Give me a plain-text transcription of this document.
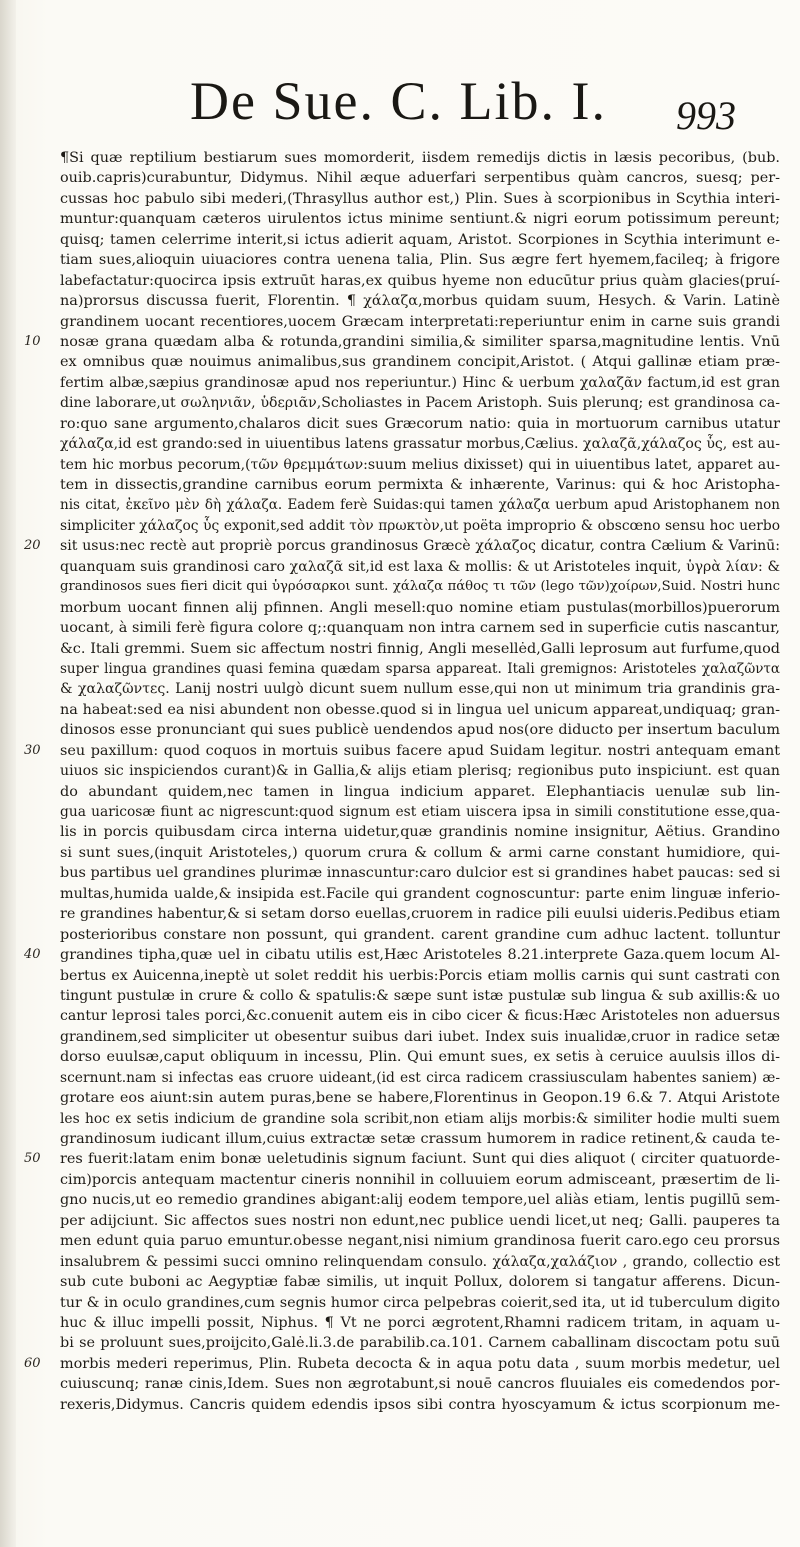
De Sue. C. Lib. I. 993
¶Si quæ reptilium bestiarum sues momorderit, iisdem remedijs dictis in læsis pecoribus, (bub.
ouib.capris)curabuntur, Didymus. Nihil æque aduerfari serpentibus quàm cancros, suesq; per-
cussas hoc pabulo sibi mederi,(Thrasyllus author est,) Plin. Sues à scorpionibus in Scythia interi-
muntur:quanquam cæteros uirulentos ictus minime sentiunt.& nigri eorum potissimum pereunt;
quisq; tamen celerrime interit,si ictus adierit aquam, Aristot. Scorpiones in Scythia interimunt e-
tiam sues,alioquin uiuaciores contra uenena talia, Plin. Sus ægre fert hyemem,facileq; à frigore
labefactatur:quocirca ipsis extruūt haras,ex quibus hyeme non educūtur prius quàm glacies(pruí-
na)prorsus discussa fuerit, Florentin. ¶ χάλαζα,morbus quidam suum, Hesych. & Varin. Latinè
grandinem uocant recentiores,uocem Græcam interpretati:reperiuntur enim in carne suis grandi
10 nosæ grana quædam alba & rotunda,grandini similia,& similiter sparsa,magnitudine lentis. Vnū
ex omnibus quæ nouimus animalibus,sus grandinem concipit,Aristot. ( Atqui gallinæ etiam præ-
fertim albæ,sæpius grandinosæ apud nos reperiuntur.) Hinc & uerbum χαλαζᾶν factum,id est gran
dine laborare,ut σωληνιᾶν, ὑδεριᾶν,Scholiastes in Pacem Aristoph. Suis plerunq; est grandinosa ca-
ro:quo sane argumento,chalaros dicit sues Græcorum natio: quia in mortuorum carnibus utatur
χάλαζα,id est grando:sed in uiuentibus latens grassatur morbus,Cælius. χαλαζᾶ,χάλαζος ὗς, est au-
tem hic morbus pecorum,(τῶν θρεμμάτων:suum melius dixisset) qui in uiuentibus latet, apparet au-
tem in dissectis,grandine carnibus eorum permixta & inhærente, Varinus: qui & hoc Aristopha-
nis citat, ἐκεῖνο μὲν δὴ χάλαζα. Eadem ferè Suidas:qui tamen χάλαζα uerbum apud Aristophanem non
simpliciter χάλαζος ὗς exponit,sed addit τὸν πρωκτὸν,ut poëta improprio & obscœno sensu hoc uerbo
20 sit usus:nec rectè aut propriè porcus grandinosus Græcè χάλαζος dicatur, contra Cælium & Varinū:
quanquam suis grandinosi caro χαλαζᾶ sit,id est laxa & mollis: & ut Aristoteles inquit, ὑγρὰ λίαν: &
grandinosos sues fieri dicit qui ὑγρόσαρκοι sunt. χάλαζα πάθος τι τῶν (lego τῶν)χοίρων,Suid. Nostri hunc
morbum uocant finnen alij pfinnen. Angli mesell:quo nomine etiam pustulas(morbillos)puerorum
uocant, à simili ferè figura colore q;:quanquam non intra carnem sed in superficie cutis nascantur,
&c. Itali gremmi. Suem sic affectum nostri finnig, Angli mesellėd,Galli leprosum aut furfume,quod
super lingua grandines quasi femina quædam sparsa appareat. Itali gremignos: Aristoteles χαλαζῶντα
& χαλαζῶντες. Lanij nostri uulgò dicunt suem nullum esse,qui non ut minimum tria grandinis gra-
na habeat:sed ea nisi abundent non obesse.quod si in lingua uel unicum appareat,undiquaq; gran-
dinosos esse pronunciant qui sues publicè uendendos apud nos(ore diducto per insertum baculum
30 seu paxillum: quod coquos in mortuis suibus facere apud Suidam legitur. nostri antequam emant
uiuos sic inspiciendos curant)& in Gallia,& alijs etiam plerisq; regionibus puto inspiciunt. est quan
do abundant quidem,nec tamen in lingua indicium apparet. Elephantiacis uenulæ sub lin-
gua uaricosæ fiunt ac nigrescunt:quod signum est etiam uiscera ipsa in simili constitutione esse,qua-
lis in porcis quibusdam circa interna uidetur,quæ grandinis nomine insignitur, Aëtius. Grandino
si sunt sues,(inquit Aristoteles,) quorum crura & collum & armi carne constant humidiore, qui-
bus partibus uel grandines plurimæ innascuntur:caro dulcior est si grandines habet paucas: sed si
multas,humida ualde,& insipida est.Facile qui grandent cognoscuntur: parte enim linguæ inferio-
re grandines habentur,& si setam dorso euellas,cruorem in radice pili euulsi uideris.Pedibus etiam
posterioribus constare non possunt, qui grandent. carent grandine cum adhuc lactent. tolluntur
40 grandines tipha,quæ uel in cibatu utilis est,Hæc Aristoteles 8.21.interprete Gaza.quem locum Al-
bertus ex Auicenna,ineptè ut solet reddit his uerbis:Porcis etiam mollis carnis qui sunt castrati con
tingunt pustulæ in crure & collo & spatulis:& sæpe sunt istæ pustulæ sub lingua & sub axillis:& uo
cantur leprosi tales porci,&c.conuenit autem eis in cibo cicer & ficus:Hæc Aristoteles non aduersus
grandinem,sed simpliciter ut obesentur suibus dari iubet. Index suis inualidæ,cruor in radice setæ
dorso euulsæ,caput obliquum in incessu, Plin. Qui emunt sues, ex setis à ceruice auulsis illos di-
scernunt.nam si infectas eas cruore uideant,(id est circa radicem crassiusculam habentes saniem) æ-
grotare eos aiunt:sin autem puras,bene se habere,Florentinus in Geopon.19 6.& 7. Atqui Aristote
les hoc ex setis indicium de grandine sola scribit,non etiam alijs morbis:& similiter hodie multi suem
grandinosum iudicant illum,cuius extractæ setæ crassum humorem in radice retinent,& cauda te-
50 res fuerit:latam enim bonæ ueletudinis signum faciunt. Sunt qui dies aliquot ( circiter quatuorde-
cim)porcis antequam mactentur cineris nonnihil in colluuiem eorum admisceant, præsertim de li-
gno nucis,ut eo remedio grandines abigant:alij eodem tempore,uel aliàs etiam, lentis pugillū sem-
per adijciunt. Sic affectos sues nostri non edunt,nec publice uendi licet,ut neq; Galli. pauperes ta
men edunt quia paruo emuntur.obesse negant,nisi nimium grandinosa fuerit caro.ego ceu prorsus
insalubrem & pessimi succi omnino relinquendam consulo. χάλαζα,χαλάζιον , grando, collectio est
sub cute buboni ac Aegyptiæ fabæ similis, ut inquit Pollux, dolorem si tangatur afferens. Dicun-
tur & in oculo grandines,cum segnis humor circa pelpebras coierit,sed ita, ut id tuberculum digito
huc & illuc impelli possit, Niphus. ¶ Vt ne porci ægrotent,Rhamni radicem tritam, in aquam u-
bi se proluunt sues,proijcito,Galė.li.3.de parabilib.ca.101. Carnem caballinam discoctam potu suū
60 morbis mederi reperimus, Plin. Rubeta decocta & in aqua potu data , suum morbis medetur, uel
cuiuscunq; ranæ cinis,Idem. Sues non ægrotabunt,si nouē cancros fluuiales eis comedendos por-
rexeris,Didymus. Cancris quidem edendis ipsos sibi contra hyoscyamum & ictus scorpionum me-
